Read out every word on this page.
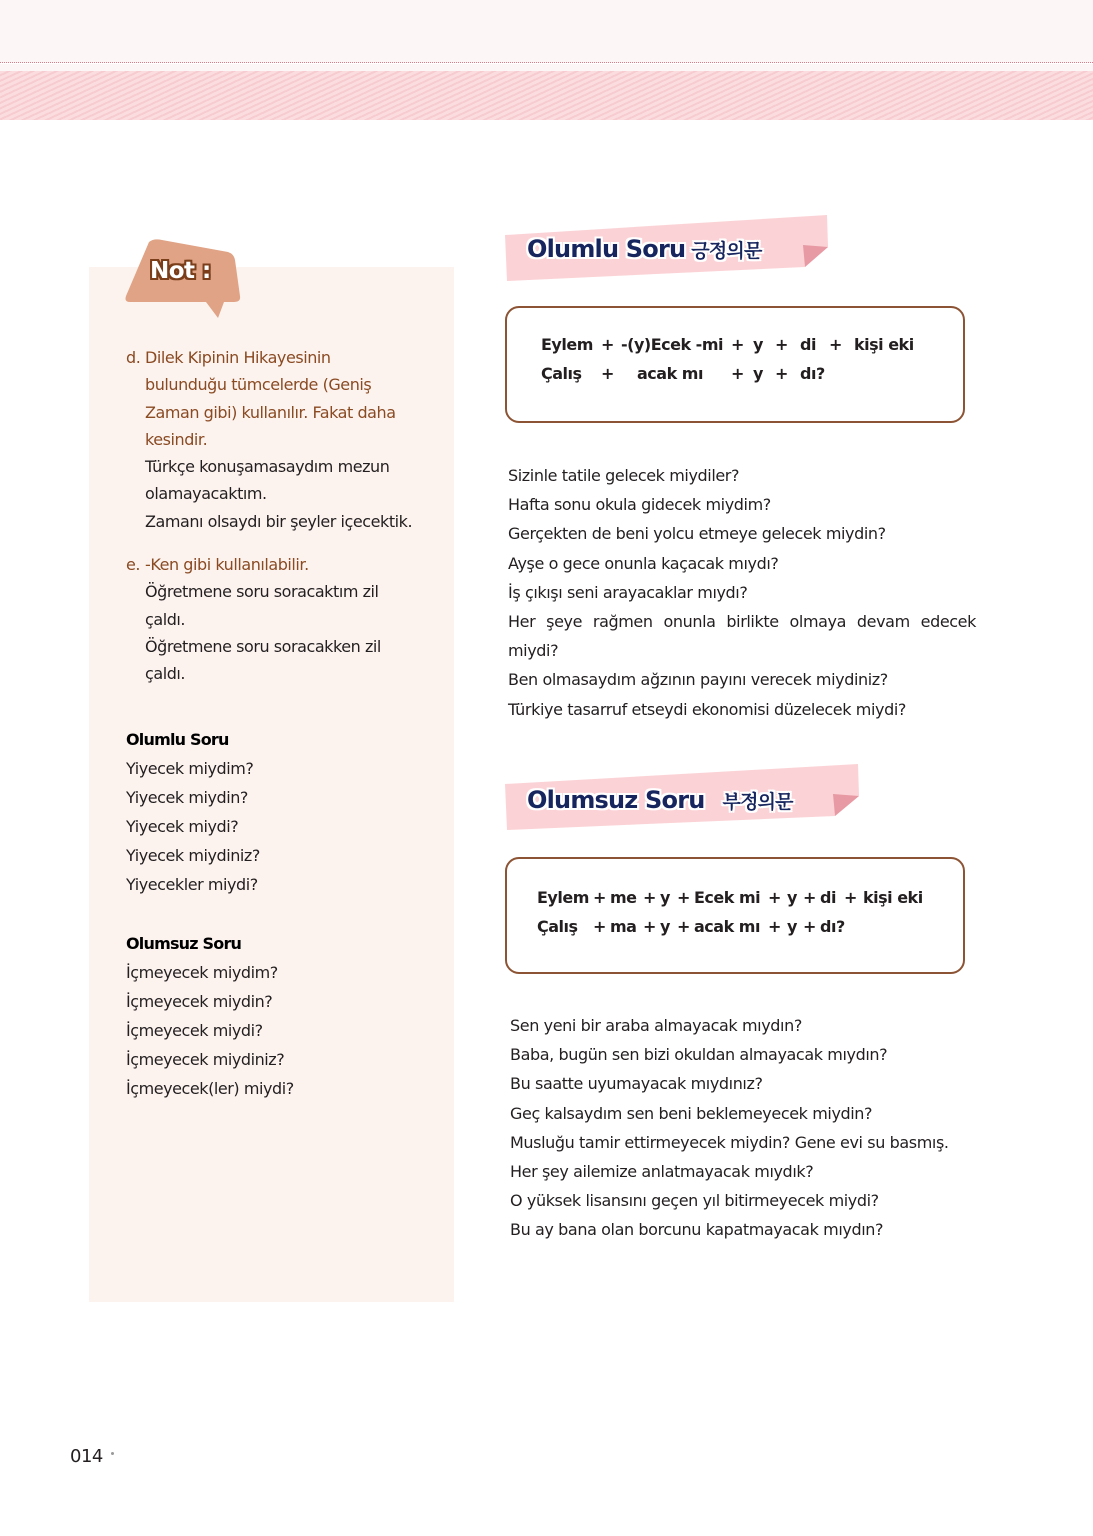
Not :
d. Dilek Kipinin Hikayesinin
bulunduğu tümcelerde (Geniş
Zaman gibi) kullanılır. Fakat daha
kesindir.
Türkçe konuşamasaydım mezun
olamayacaktım.
Zamanı olsaydı bir şeyler içecektik.
e. -Ken gibi kullanılabilir.
Öğretmene soru soracaktım zil
çaldı.
Öğretmene soru soracakken zil
çaldı.
Olumlu Soru
Yiyecek miydim?
Yiyecek miydin?
Yiyecek miydi?
Yiyecek miydiniz?
Yiyecekler miydi?
Olumsuz Soru
İçmeyecek miydim?
İçmeyecek miydin?
İçmeyecek miydi?
İçmeyecek miydiniz?
İçmeyecek(ler) miydi?
Olumlu Soru 긍정의문
Eylem + -(y)Ecek -mi + y + di + kişi eki
Çalış + acak mı + y + dı?
Sizinle tatile gelecek miydiler?
Hafta sonu okula gidecek miydim?
Gerçekten de beni yolcu etmeye gelecek miydin?
Ayşe o gece onunla kaçacak mıydı?
İş çıkışı seni arayacaklar mıydı?
Her şeye rağmen onunla birlikte olmaya devam edecek
miydi?
Ben olmasaydım ağzının payını verecek miydiniz?
Türkiye tasarruf etseydi ekonomisi düzelecek miydi?
Olumsuz Soru 부정의문
Eylem + me + y + Ecek mi + y + di + kişi eki
Çalış + ma + y + acak mı + y + dı?
Sen yeni bir araba almayacak mıydın?
Baba, bugün sen bizi okuldan almayacak mıydın?
Bu saatte uyumayacak mıydınız?
Geç kalsaydım sen beni beklemeyecek miydin?
Musluğu tamir ettirmeyecek miydin? Gene evi su basmış.
Her şey ailemize anlatmayacak mıydık?
O yüksek lisansını geçen yıl bitirmeyecek miydi?
Bu ay bana olan borcunu kapatmayacak mıydın?
014
